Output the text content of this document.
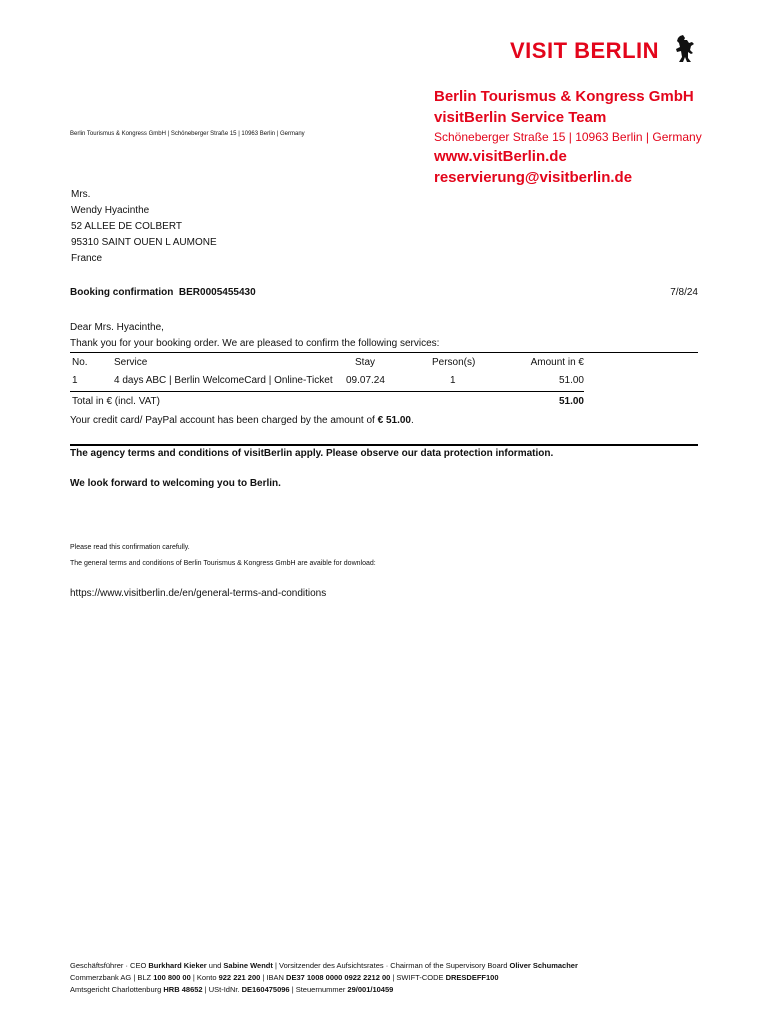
VISIT BERLIN
Berlin Tourismus & Kongress GmbH
visitBerlin Service Team
Schöneberger Straße 15 | 10963 Berlin | Germany
www.visitBerlin.de
reservierung@visitberlin.de
Berlin Tourismus & Kongress GmbH | Schöneberger Straße 15 | 10963 Berlin | Germany
Mrs.
Wendy Hyacinthe
52 ALLEE DE COLBERT
95310 SAINT OUEN L AUMONE
France
Booking confirmation BER0005455430	7/8/24
Dear Mrs. Hyacinthe,
Thank you for your booking order. We are pleased to confirm the following services:
No.	Service	Stay	Person(s)	Amount in €
1	4 days ABC | Berlin WelcomeCard | Online-Ticket 09.07.24	1	51.00
Total in € (incl. VAT)	51.00
Your credit card/ PayPal account has been charged by the amount of € 51.00.
The agency terms and conditions of visitBerlin apply. Please observe our data protection information.
We look forward to welcoming you to Berlin.
Please read this confirmation carefully.
The general terms and conditions of Berlin Tourismus & Kongress GmbH are avaible for download:
https://www.visitberlin.de/en/general-terms-and-conditions
Geschäftsführer · CEO Burkhard Kieker und Sabine Wendt | Vorsitzender des Aufsichtsrates · Chairman of the Supervisory Board Oliver Schumacher
Commerzbank AG | BLZ 100 800 00 | Konto 922 221 200 | IBAN DE37 1008 0000 0922 2212 00 | SWIFT-CODE DRESDEFF100
Amtsgericht Charlottenburg HRB 48652 | USt-IdNr. DE160475096 | Steuernummer 29/001/10459
